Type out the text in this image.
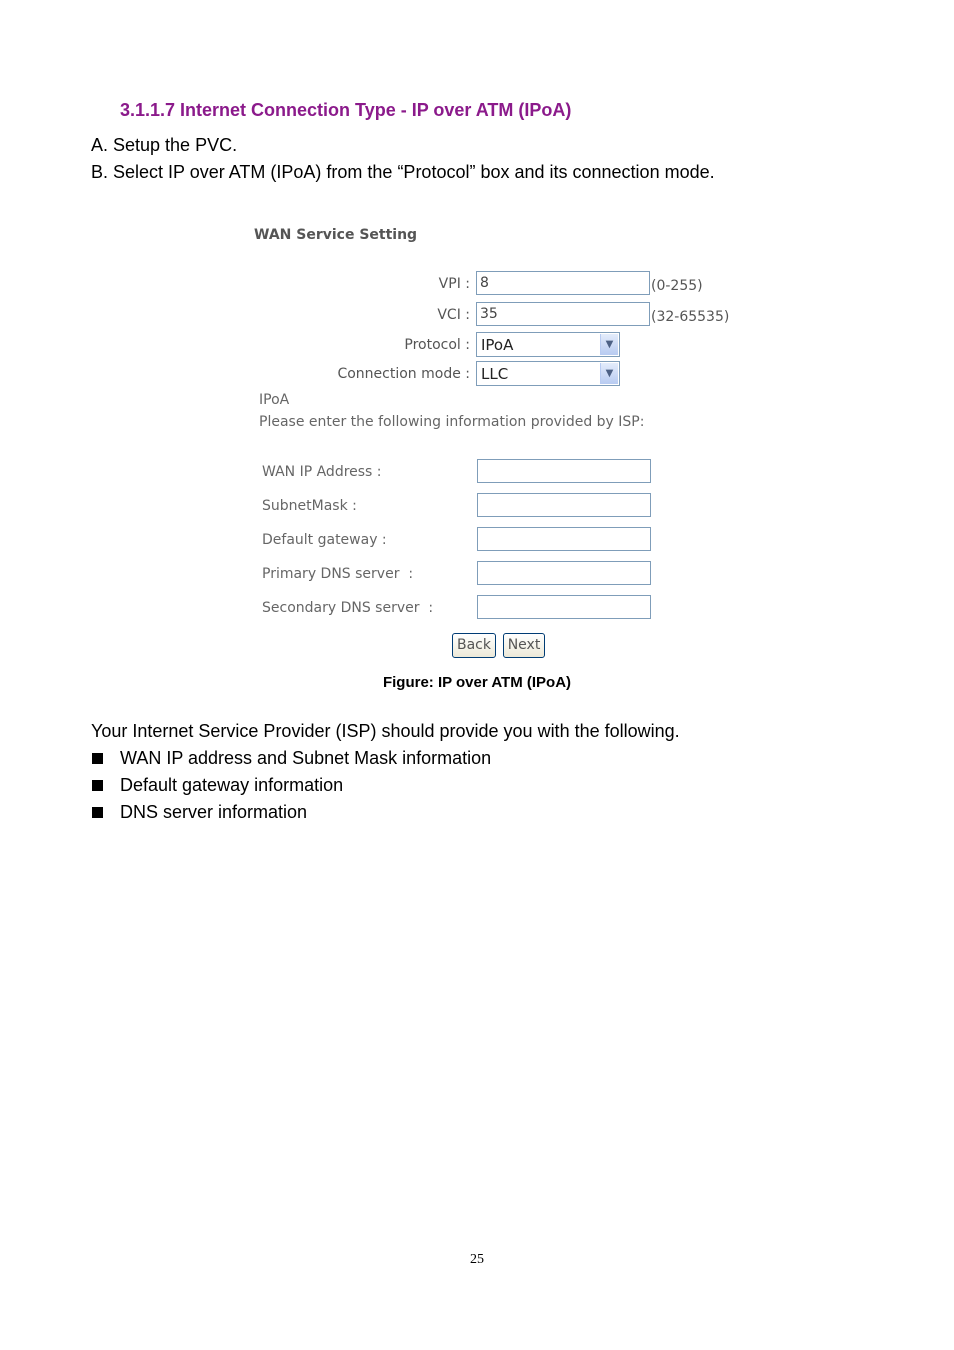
3.1.1.7 Internet Connection Type - IP over ATM (IPoA)
A. Setup the PVC.
B. Select IP over ATM (IPoA) from the “Protocol” box and its connection mode.
WAN Service Setting
VPI : 8	(0-255)
VCI : 35	(32-65535)
Protocol : IPoA	▼
Connection mode : LLC	▼
IPoA
Please enter the following information provided by ISP:
WAN IP Address :
SubnetMask :
Default gateway :
Primary DNS server  :
Secondary DNS server  :
Back	Next
Figure: IP over ATM (IPoA)
Your Internet Service Provider (ISP) should provide you with the following.
WAN IP address and Subnet Mask information
Default gateway information
DNS server information
25
